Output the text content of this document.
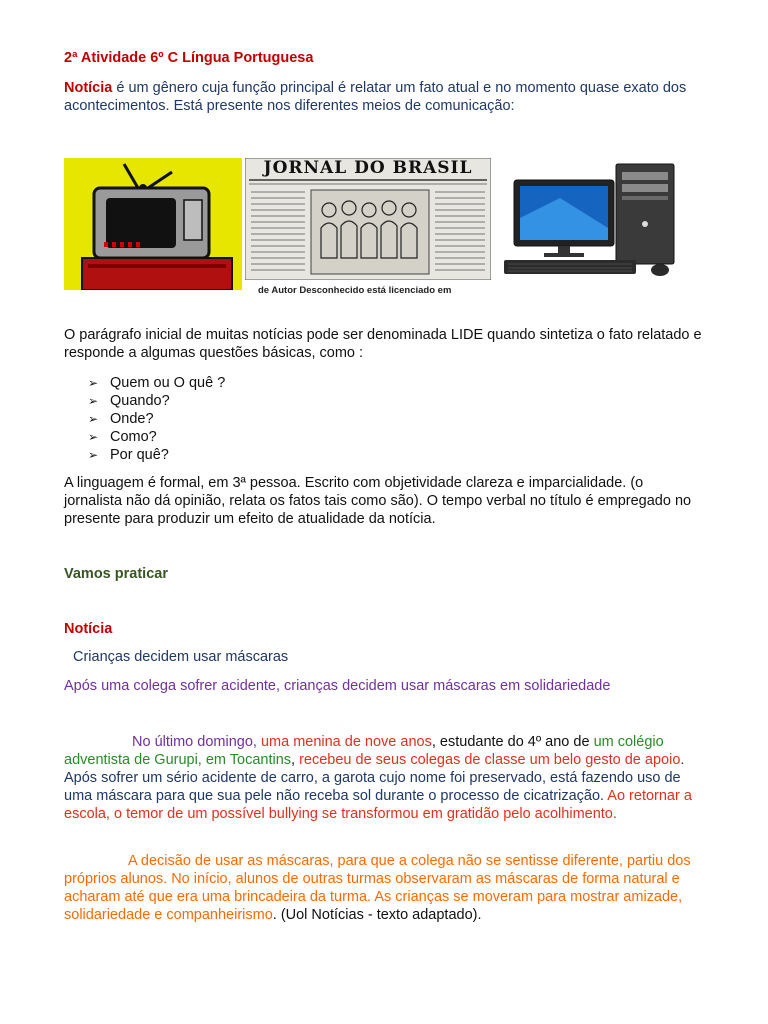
2ª Atividade 6º C Língua Portuguesa
Notícia é um gênero cuja função principal é relatar um fato atual e no momento quase exato dos acontecimentos. Está presente nos diferentes meios de comunicação:
JORNAL DO BRASIL
de Autor Desconhecido está licenciado em
O parágrafo inicial de muitas notícias pode ser denominada LIDE quando sintetiza o fato relatado e responde a algumas questões básicas, como :
➢ Quem ou O quê ?
➢ Quando?
➢ Onde?
➢ Como?
➢ Por quê?
A linguagem é formal, em 3ª pessoa. Escrito com objetividade clareza e imparcialidade. (o jornalista não dá opinião, relata os fatos tais como são). O tempo verbal no título é empregado no presente para produzir um efeito de atualidade da notícia.
Vamos praticar
Notícia
Crianças decidem usar máscaras
Após uma colega sofrer acidente, crianças decidem usar máscaras em solidariedade
No último domingo, uma menina de nove anos, estudante do 4º ano de um colégio adventista de Gurupi, em Tocantins, recebeu de seus colegas de classe um belo gesto de apoio. Após sofrer um sério acidente de carro, a garota cujo nome foi preservado, está fazendo uso de uma máscara para que sua pele não receba sol durante o processo de cicatrização. Ao retornar a escola, o temor de um possível bullying se transformou em gratidão pelo acolhimento.
A decisão de usar as máscaras, para que a colega não se sentisse diferente, partiu dos próprios alunos. No início, alunos de outras turmas observaram as máscaras de forma natural e acharam até que era uma brincadeira da turma. As crianças se moveram para mostrar amizade, solidariedade e companheirismo. (Uol Notícias - texto adaptado).
